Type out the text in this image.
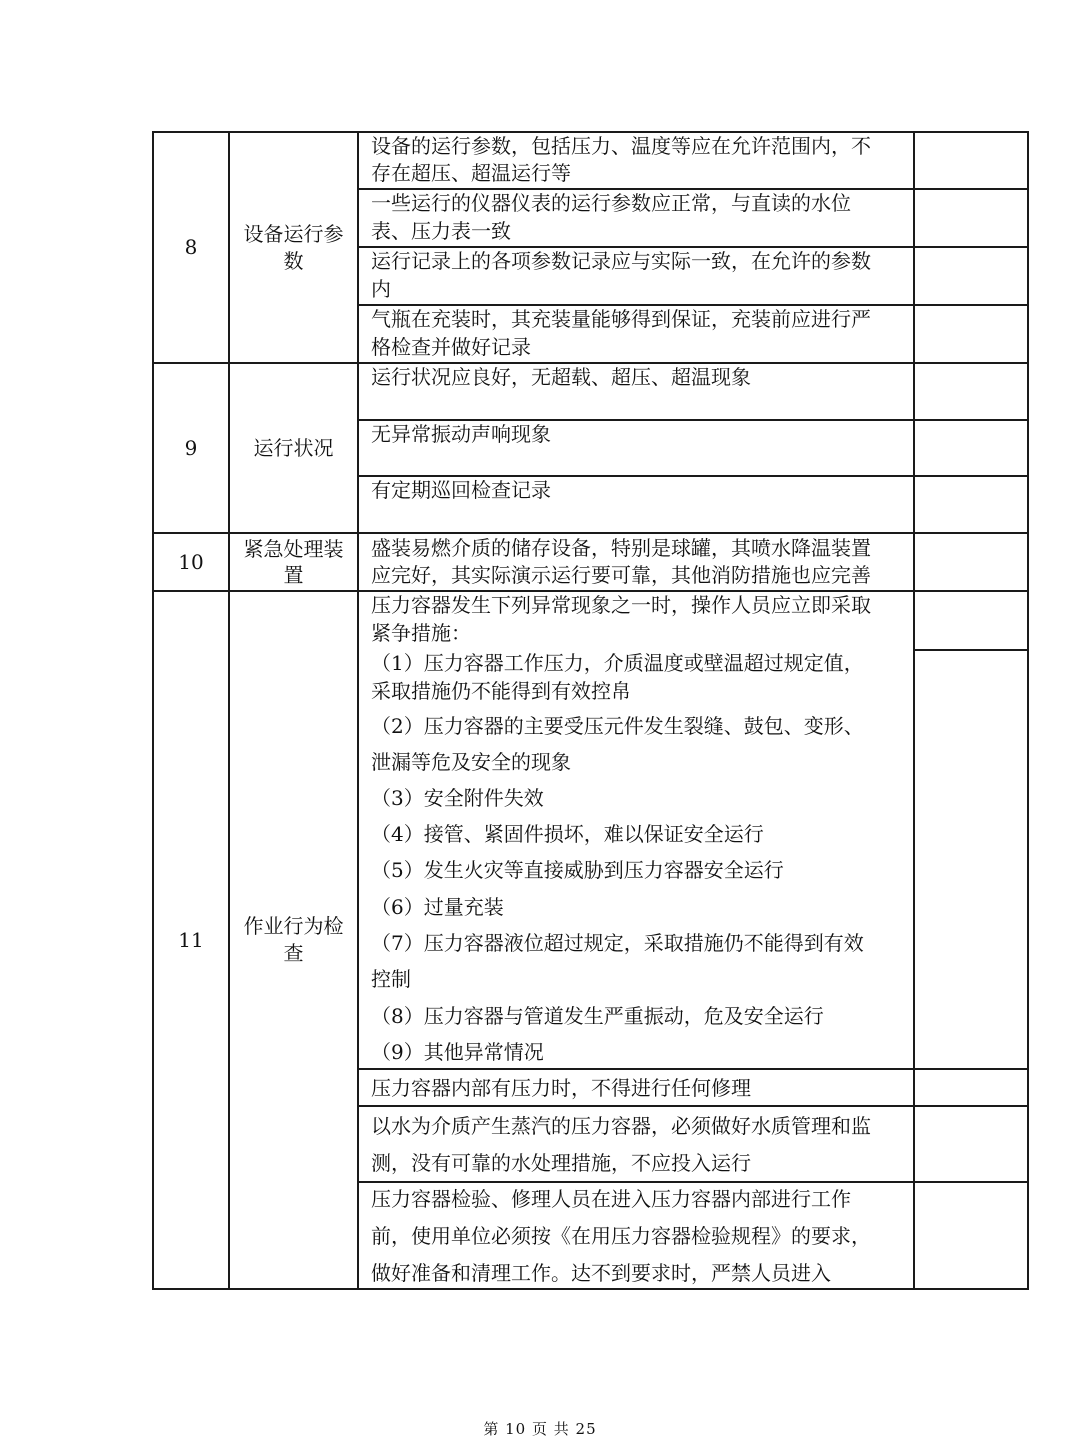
8
设备运行参数
设备的运行参数，包括压力、温度等应在允许范围内，不
存在超压、超温运行等
一些运行的仪器仪表的运行参数应正常，与直读的水位
表、压力表一致
运行记录上的各项参数记录应与实际一致，在允许的参数
内
气瓶在充装时，其充装量能够得到保证，充装前应进行严
格检查并做好记录
9	运行状况
运行状况应良好，无超载、超压、超温现象
无异常振动声响现象
有定期巡回检查记录
10
紧急处理装置
盛装易燃介质的储存设备，特别是球罐，其喷水降温装置
应完好，其实际演示运行要可靠，其他消防措施也应完善
11
作业行为检查
压力容器发生下列异常现象之一时，操作人员应立即采取
紧争措施：
（1）压力容器工作压力，介质温度或壁温超过规定值，
采取措施仍不能得到有效控帛
（2）压力容器的主要受压元件发生裂缝、鼓包、变形、
泄漏等危及安全的现象
（3）安全附件失效
（4）接管、紧固件损坏，难以保证安全运行
（5）发生火灾等直接威胁到压力容器安全运行
（6）过量充装
（7）压力容器液位超过规定，采取措施仍不能得到有效
控制
（8）压力容器与管道发生严重振动，危及安全运行
（9）其他异常情况
压力容器内部有压力时，不得进行任何修理
以水为介质产生蒸汽的压力容器，必须做好水质管理和监
测，没有可靠的水处理措施，不应投入运行
压力容器检验、修理人员在进入压力容器内部进行工作
前，使用单位必须按《在用压力容器检验规程》的要求，
做好准备和清理工作。达不到要求时，严禁人员进入
第 10 页 共 25
